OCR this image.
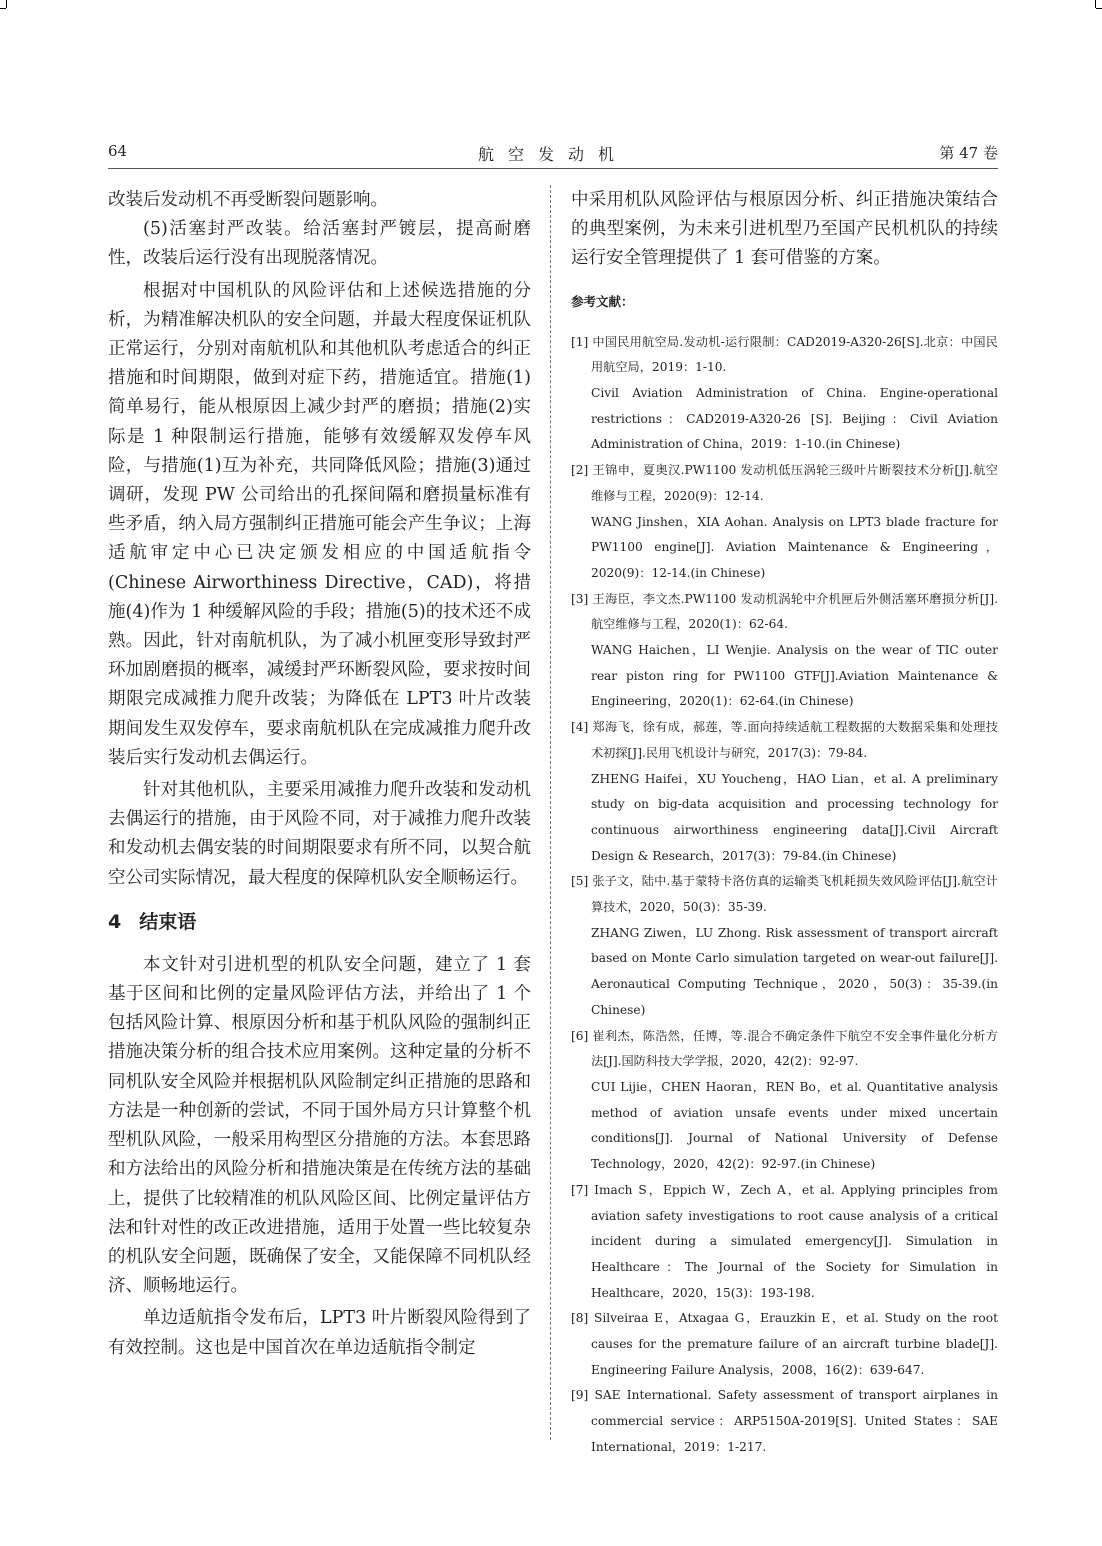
64	航空发动机	第 47 卷

改装后发动机不再受断裂问题影响。

(5)活塞封严改装。给活塞封严镀层，提高耐磨性，改装后运行没有出现脱落情况。

根据对中国机队的风险评估和上述候选措施的分析，为精准解决机队的安全问题，并最大程度保证机队正常运行，分别对南航机队和其他机队考虑适合的纠正措施和时间期限，做到对症下药，措施适宜。措施(1)简单易行，能从根原因上减少封严的磨损；措施(2)实际是 1 种限制运行措施，能够有效缓解双发停车风险，与措施(1)互为补充，共同降低风险；措施(3)通过调研，发现 PW 公司给出的孔探间隔和磨损量标准有些矛盾，纳入局方强制纠正措施可能会产生争议；上海适航审定中心已决定颁发相应的中国适航指令(Chinese Airworthiness Directive，CAD)，将措施(4)作为 1 种缓解风险的手段；措施(5)的技术还不成熟。因此，针对南航机队，为了减小机匣变形导致封严环加剧磨损的概率，减缓封严环断裂风险，要求按时间期限完成减推力爬升改装；为降低在 LPT3 叶片改装期间发生双发停车，要求南航机队在完成减推力爬升改装后实行发动机去偶运行。

针对其他机队，主要采用减推力爬升改装和发动机去偶运行的措施，由于风险不同，对于减推力爬升改装和发动机去偶安装的时间期限要求有所不同，以契合航空公司实际情况，最大程度的保障机队安全顺畅运行。

4 结束语

本文针对引进机型的机队安全问题，建立了 1 套基于区间和比例的定量风险评估方法，并给出了 1 个包括风险计算、根原因分析和基于机队风险的强制纠正措施决策分析的组合技术应用案例。这种定量的分析不同机队安全风险并根据机队风险制定纠正措施的思路和方法是一种创新的尝试，不同于国外局方只计算整个机型机队风险，一般采用构型区分措施的方法。本套思路和方法给出的风险分析和措施决策是在传统方法的基础上，提供了比较精准的机队风险区间、比例定量评估方法和针对性的改正改进措施，适用于处置一些比较复杂的机队安全问题，既确保了安全，又能保障不同机队经济、顺畅地运行。

单边适航指令发布后，LPT3 叶片断裂风险得到了有效控制。这也是中国首次在单边适航指令制定

中采用机队风险评估与根原因分析、纠正措施决策结合的典型案例，为未来引进机型乃至国产民机机队的持续运行安全管理提供了 1 套可借鉴的方案。

参考文献：
[1] 中国民用航空局.发动机-运行限制：CAD2019-A320-26[S].北京：中国民用航空局，2019：1-10.
Civil Aviation Administration of China. Engine-operational restrictions：CAD2019-A320-26 [S]. Beijing：Civil Aviation Administration of China，2019：1-10.(in Chinese)
[2] 王锦申，夏奥汉.PW1100 发动机低压涡轮三级叶片断裂技术分析[J].航空维修与工程，2020(9)：12-14.
WANG Jinshen，XIA Aohan. Analysis on LPT3 blade fracture for PW1100 engine[J]. Aviation Maintenance & Engineering，2020(9)：12-14.(in Chinese)
[3] 王海臣，李文杰.PW1100 发动机涡轮中介机匣后外侧活塞环磨损分析[J].航空维修与工程，2020(1)：62-64.
WANG Haichen，LI Wenjie. Analysis on the wear of TIC outer rear piston ring for PW1100 GTF[J].Aviation Maintenance & Engineering，2020(1)：62-64.(in Chinese)
[4] 郑海飞，徐有成，郝莲，等.面向持续适航工程数据的大数据采集和处理技术初探[J].民用飞机设计与研究，2017(3)：79-84.
ZHENG Haifei，XU Youcheng，HAO Lian，et al. A preliminary study on big-data acquisition and processing technology for continuous airworthiness engineering data[J].Civil Aircraft Design & Research，2017(3)：79-84.(in Chinese)
[5] 张子文，陆中.基于蒙特卡洛仿真的运输类飞机耗损失效风险评估[J].航空计算技术，2020，50(3)：35-39.
ZHANG Ziwen，LU Zhong. Risk assessment of transport aircraft based on Monte Carlo simulation targeted on wear-out failure[J]. Aeronautical Computing Technique，2020，50(3)：35-39.(in Chinese)
[6] 崔利杰，陈浩然，任博，等.混合不确定条件下航空不安全事件量化分析方法[J].国防科技大学学报，2020，42(2)：92-97.
CUI Lijie，CHEN Haoran，REN Bo，et al. Quantitative analysis method of aviation unsafe events under mixed uncertain conditions[J]. Journal of National University of Defense Technology，2020，42(2)：92-97.(in Chinese)
[7] Imach S，Eppich W，Zech A，et al. Applying principles from aviation safety investigations to root cause analysis of a critical incident during a simulated emergency[J]. Simulation in Healthcare：The Journal of the Society for Simulation in Healthcare，2020，15(3)：193-198.
[8] Silveiraa E，Atxagaa G，Erauzkin E，et al. Study on the root causes for the premature failure of an aircraft turbine blade[J]. Engineering Failure Analysis，2008，16(2)：639-647.
[9] SAE International. Safety assessment of transport airplanes in commercial service：ARP5150A-2019[S]. United States：SAE International，2019：1-217.
